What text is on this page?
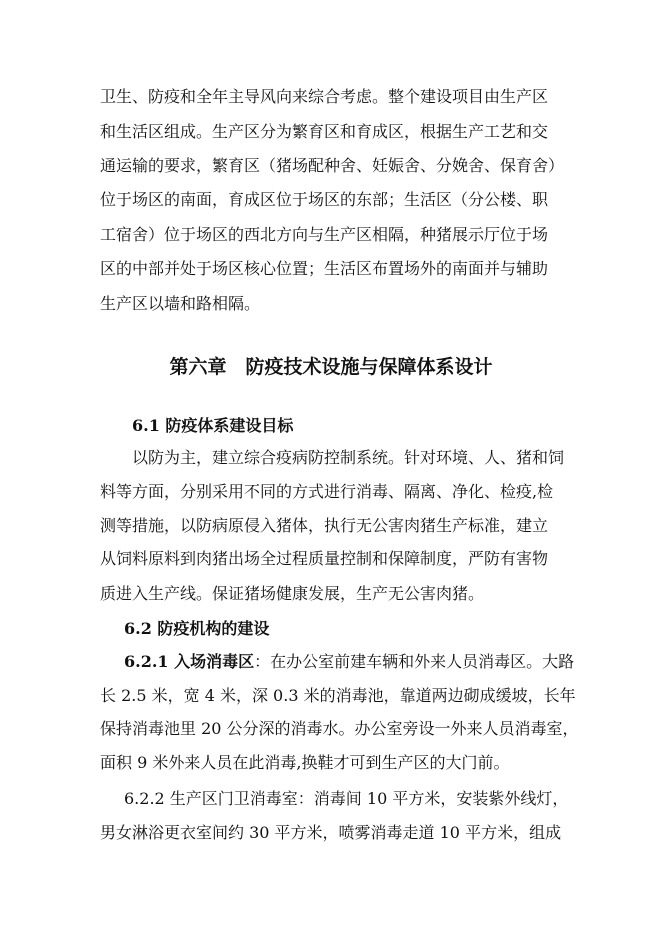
卫生、防疫和全年主导风向来综合考虑。整个建设项目由生产区
和生活区组成。生产区分为繁育区和育成区，根据生产工艺和交
通运输的要求，繁育区（猪场配种舍、妊娠舍、分娩舍、保育舍）
位于场区的南面，育成区位于场区的东部；生活区（分公楼、职
工宿舍）位于场区的西北方向与生产区相隔，种猪展示厅位于场
区的中部并处于场区核心位置；生活区布置场外的南面并与辅助
生产区以墙和路相隔。
第六章　防疫技术设施与保障体系设计
6.1 防疫体系建设目标
以防为主，建立综合疫病防控制系统。针对环境、人、猪和饲
料等方面，分别采用不同的方式进行消毒、隔离、净化、检疫,检
测等措施，以防病原侵入猪体，执行无公害肉猪生产标准，建立
从饲料原料到肉猪出场全过程质量控制和保障制度，严防有害物
质进入生产线。保证猪场健康发展，生产无公害肉猪。
6.2 防疫机构的建设
6.2.1 入场消毒区：在办公室前建车辆和外来人员消毒区。大路
长 2.5 米，宽 4 米，深 0.3 米的消毒池，靠道两边砌成缓坡，长年
保持消毒池里 20 公分深的消毒水。办公室旁设一外来人员消毒室，
面积 9 米外来人员在此消毒,换鞋才可到生产区的大门前。
6.2.2 生产区门卫消毒室：消毒间 10 平方米，安装紫外线灯，
男女淋浴更衣室间约 30 平方米，喷雾消毒走道 10 平方米，组成
